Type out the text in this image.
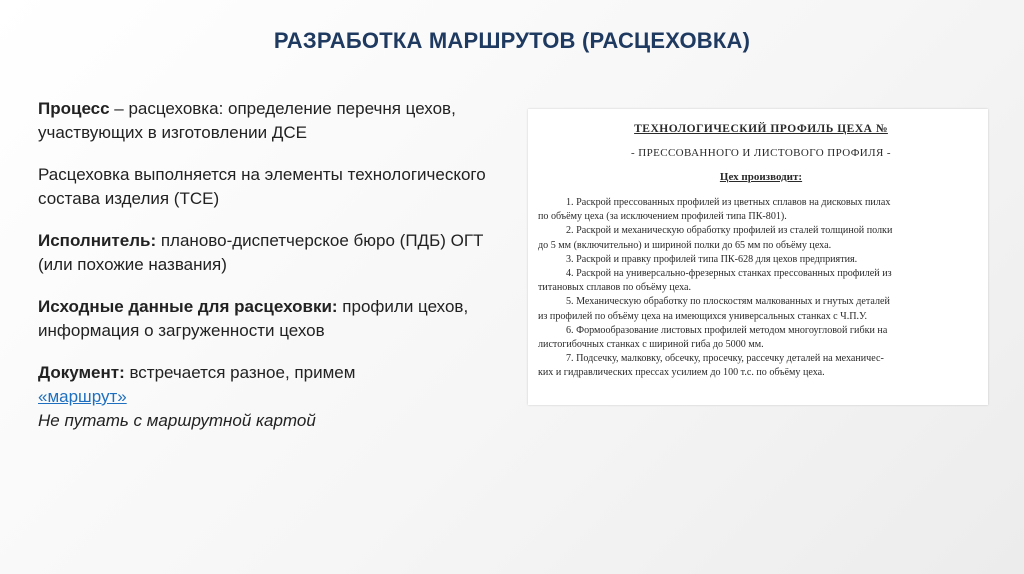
РАЗРАБОТКА МАРШРУТОВ (РАСЦЕХОВКА)

Процесс – расцеховка: определение перечня цехов, участвующих в изготовлении ДСЕ

Расцеховка выполняется на элементы технологического состава изделия (ТСЕ)

Исполнитель: планово-диспетчерское бюро (ПДБ) ОГТ (или похожие названия)

Исходные данные для расцеховки: профили цехов, информация о загруженности цехов

Документ: встречается разное, примем
«маршрут»
Не путать с маршрутной картой

ТЕХНОЛОГИЧЕСКИЙ ПРОФИЛЬ ЦЕХА №
- ПРЕССОВАННОГО И ЛИСТОВОГО ПРОФИЛЯ -
Цех производит:
1. Раскрой прессованных профилей из цветных сплавов на дисковых пилах
по объёму цеха (за исключением профилей типа ПК-801).
2. Раскрой и механическую обработку профилей из сталей толщиной полки
до 5 мм (включительно) и шириной полки до 65 мм по объёму цеха.
3. Раскрой и правку профилей типа ПК-628 для цехов предприятия.
4. Раскрой на универсально-фрезерных станках прессованных профилей из
титановых сплавов по объёму цеха.
5. Механическую обработку по плоскостям малкованных и гнутых деталей
из профилей по объёму цеха на имеющихся универсальных станках с Ч.П.У.
6. Формообразование листовых профилей методом многоугловой гибки на
листогибочных станках с шириной гиба до 5000 мм.
7. Подсечку, малковку, обсечку, просечку, рассечку деталей на механичес-
ких и гидравлических прессах усилием до 100 т.с. по объёму цеха.
